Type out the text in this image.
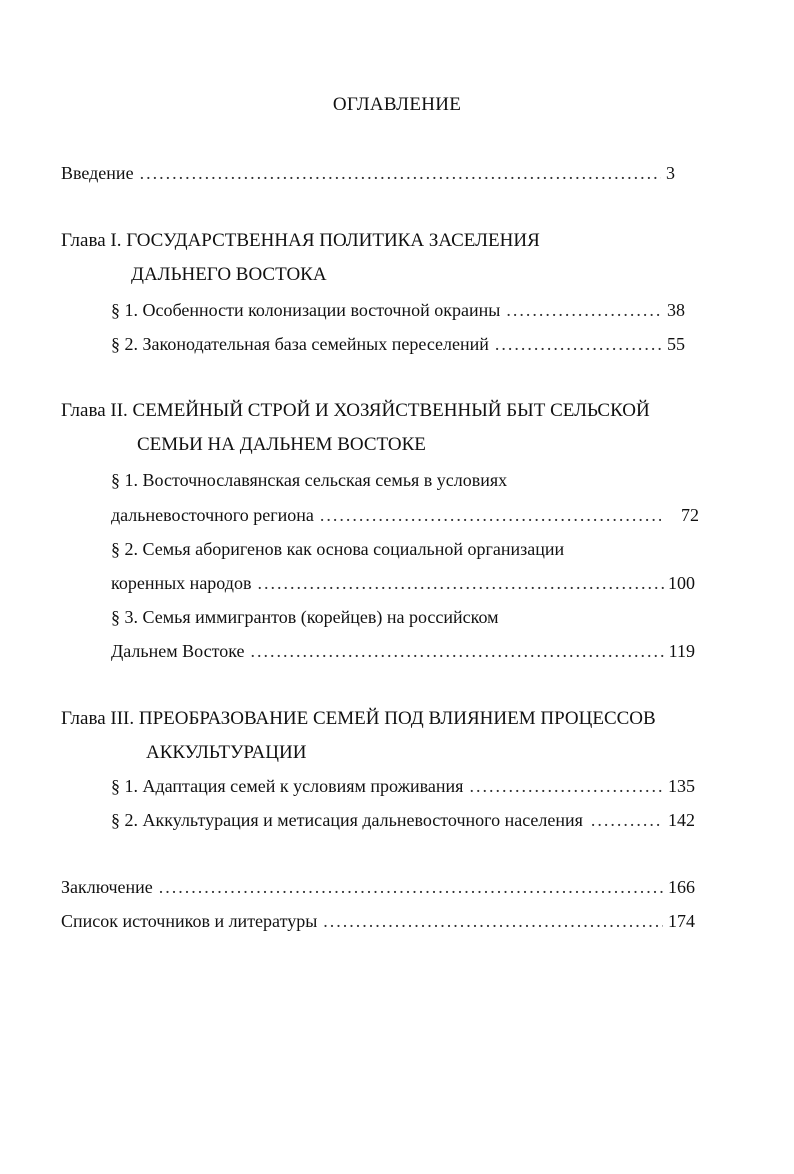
ОГЛАВЛЕНИЕ
Введение .....	3
Глава I. ГОСУДАРСТВЕННАЯ ПОЛИТИКА ЗАСЕЛЕНИЯ
ДАЛЬНЕГО ВОСТОКА
§ 1. Особенности колонизации восточной окраины .....	38
§ 2. Законодательная база семейных переселений .....	55
Глава II. СЕМЕЙНЫЙ СТРОЙ И ХОЗЯЙСТВЕННЫЙ БЫТ СЕЛЬСКОЙ
СЕМЬИ НА ДАЛЬНЕМ ВОСТОКЕ
§ 1. Восточнославянская сельская семья в условиях
дальневосточного региона .....	72
§ 2. Семья аборигенов как основа социальной организации
коренных народов .....	100
§ 3. Семья иммигрантов (корейцев) на российском
Дальнем Востоке .....	119
Глава III. ПРЕОБРАЗОВАНИЕ СЕМЕЙ ПОД ВЛИЯНИЕМ ПРОЦЕССОВ
АККУЛЬТУРАЦИИ
§ 1. Адаптация семей к условиям проживания .....	135
§ 2. Аккультурация и метисация дальневосточного населения .....	142
Заключение .....	166
Список источников и литературы .....	174
